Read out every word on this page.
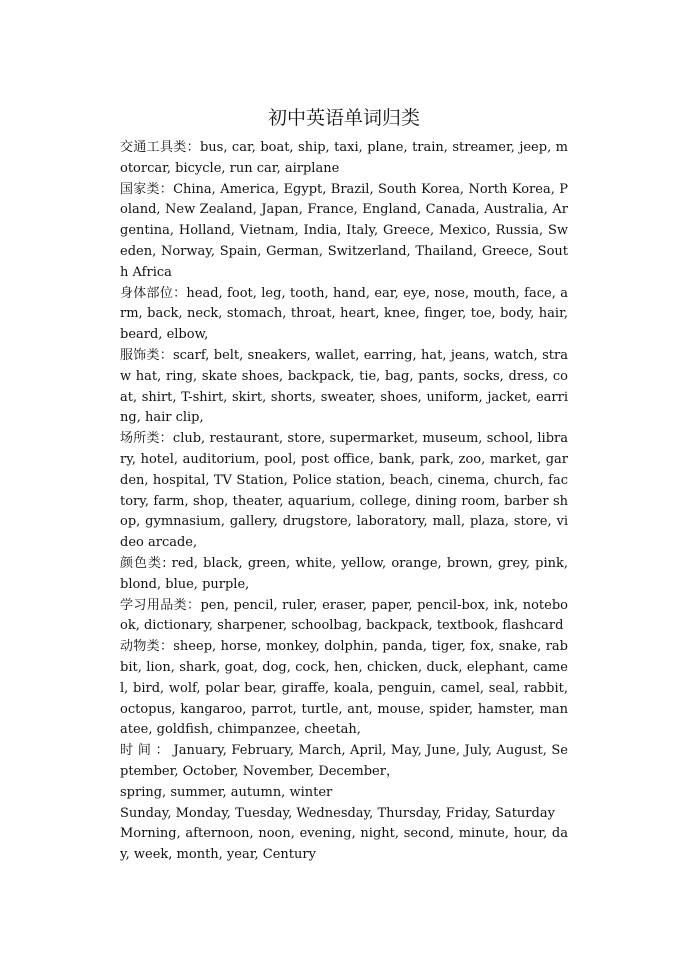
初中英语单词归类

交通工具类：bus, car, boat, ship, taxi, plane, train, streamer, jeep, motorcar, bicycle, run car, airplane

国家类：China, America, Egypt, Brazil, South Korea, North Korea, Poland, New Zealand, Japan, France, England, Canada, Australia, Argentina, Holland, Vietnam, India, Italy, Greece, Mexico, Russia, Sweden, Norway, Spain, German, Switzerland, Thailand, Greece, South Africa

身体部位：head, foot, leg, tooth, hand, ear, eye, nose, mouth, face, arm, back, neck, stomach, throat, heart, knee, finger, toe, body, hair, beard, elbow,

服饰类：scarf, belt, sneakers, wallet, earring, hat, jeans, watch, straw hat, ring, skate shoes, backpack, tie, bag, pants, socks, dress, coat, shirt, T-shirt, skirt, shorts, sweater, shoes, uniform, jacket, earring, hair clip,

场所类：club, restaurant, store, supermarket, museum, school, library, hotel, auditorium, pool, post office, bank, park, zoo, market, garden, hospital, TV Station, Police station, beach, cinema, church, factory, farm, shop, theater, aquarium, college, dining room, barber shop, gymnasium, gallery, drugstore, laboratory, mall, plaza, store, video arcade,

颜色类: red, black, green, white, yellow, orange, brown, grey, pink, blond, blue, purple,

学习用品类：pen, pencil, ruler, eraser, paper, pencil-box, ink, notebook, dictionary, sharpener, schoolbag, backpack, textbook, flashcard

动物类：sheep, horse, monkey, dolphin, panda, tiger, fox, snake, rabbit, lion, shark, goat, dog, cock, hen, chicken, duck, elephant, camel, bird, wolf, polar bear, giraffe, koala, penguin, camel, seal, rabbit, octopus, kangaroo, parrot, turtle, ant, mouse, spider, hamster, manatee, goldfish, chimpanzee, cheetah,

时 间 ： January, February, March, April, May, June, July, August, September, October, November, December，

spring, summer, autumn, winter

Sunday, Monday, Tuesday, Wednesday, Thursday, Friday, Saturday

Morning, afternoon, noon, evening, night, second, minute, hour, day, week, month, year, Century
